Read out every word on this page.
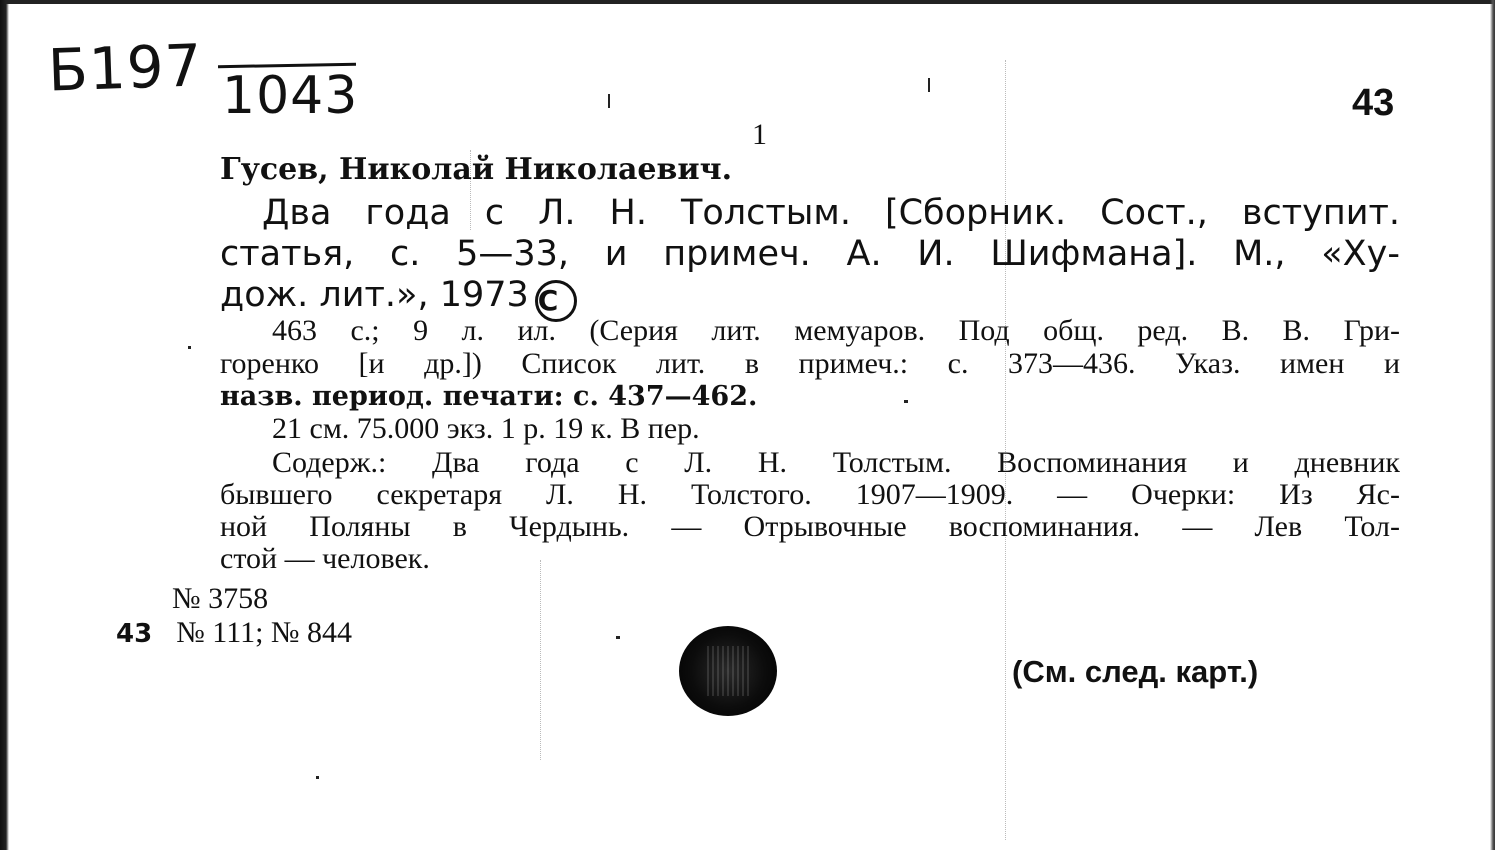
Б197 1043	43
1
Гусев, Николай Николаевич.
Два года с Л. Н. Толстым. [Сборник. Сост., вступит.
статья, с. 5—33, и примеч. А. И. Шифмана]. М., «Ху-
дож. лит.», 1973 C
463 с.; 9 л. ил. (Серия лит. мемуаров. Под общ. ред. В. В. Гри-
горенко [и др.]) Список лит. в примеч.: с. 373—436. Указ. имен и
назв. период. печати: с. 437—462.
21 см. 75.000 экз. 1 р. 19 к. В пер.
Содерж.: Два года с Л. Н. Толстым. Воспоминания и дневник
бывшего секретаря Л. Н. Толстого. 1907—1909. — Очерки: Из Яс-
ной Поляны в Чердынь. — Отрывочные воспоминания. — Лев Тол-
стой — человек.
№ 3758
43 № 111; № 844
(См. след. карт.)
